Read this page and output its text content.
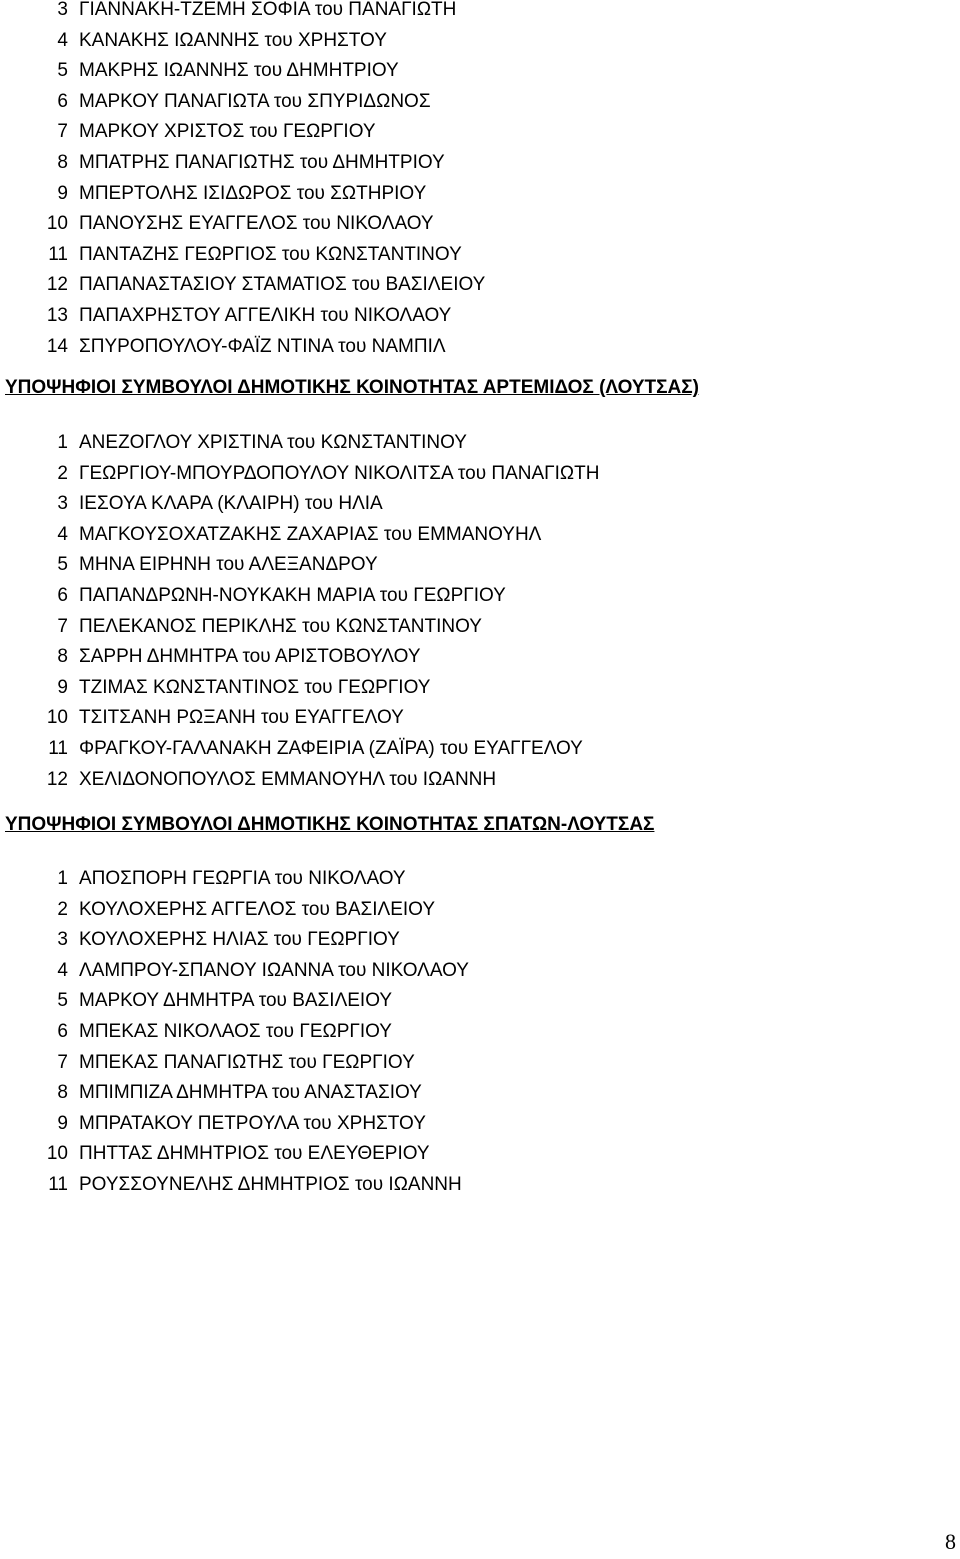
3 ΓΙΑΝΝΑΚΗ-ΤΖΕΜΗ ΣΟΦΙΑ του ΠΑΝΑΓΙΩΤΗ
4 ΚΑΝΑΚΗΣ ΙΩΑΝΝΗΣ του ΧΡΗΣΤΟΥ
5 ΜΑΚΡΗΣ ΙΩΑΝΝΗΣ του ΔΗΜΗΤΡΙΟΥ
6 ΜΑΡΚΟΥ ΠΑΝΑΓΙΩΤΑ του ΣΠΥΡΙΔΩΝΟΣ
7 ΜΑΡΚΟΥ ΧΡΙΣΤΟΣ του ΓΕΩΡΓΙΟΥ
8 ΜΠΑΤΡΗΣ ΠΑΝΑΓΙΩΤΗΣ του ΔΗΜΗΤΡΙΟΥ
9 ΜΠΕΡΤΟΛΗΣ ΙΣΙΔΩΡΟΣ του ΣΩΤΗΡΙΟΥ
10 ΠΑΝΟΥΣΗΣ ΕΥΑΓΓΕΛΟΣ του ΝΙΚΟΛΑΟΥ
11 ΠΑΝΤΑΖΗΣ ΓΕΩΡΓΙΟΣ του ΚΩΝΣΤΑΝΤΙΝΟΥ
12 ΠΑΠΑΝΑΣΤΑΣΙΟΥ ΣΤΑΜΑΤΙΟΣ του ΒΑΣΙΛΕΙΟΥ
13 ΠΑΠΑΧΡΗΣΤΟΥ ΑΓΓΕΛΙΚΗ του ΝΙΚΟΛΑΟΥ
14 ΣΠΥΡΟΠΟΥΛΟΥ-ΦΑΪΖ ΝΤΙΝΑ του ΝΑΜΠΙΛ
ΥΠΟΨΗΦΙΟΙ ΣΥΜΒΟΥΛΟΙ ΔΗΜΟΤΙΚΗΣ ΚΟΙΝΟΤΗΤΑΣ ΑΡΤΕΜΙΔΟΣ (ΛΟΥΤΣΑΣ)
1 ΑΝΕΖΟΓΛΟΥ ΧΡΙΣΤΙΝΑ του ΚΩΝΣΤΑΝΤΙΝΟΥ
2 ΓΕΩΡΓΙΟΥ-ΜΠΟΥΡΔΟΠΟΥΛΟΥ ΝΙΚΟΛΙΤΣΑ του ΠΑΝΑΓΙΩΤΗ
3 ΙΕΣΟΥΑ ΚΛΑΡΑ (ΚΛΑΙΡΗ) του ΗΛΙΑ
4 ΜΑΓΚΟΥΣΟΧΑΤΖΑΚΗΣ ΖΑΧΑΡΙΑΣ του ΕΜΜΑΝΟΥΗΛ
5 ΜΗΝΑ ΕΙΡΗΝΗ του ΑΛΕΞΑΝΔΡΟΥ
6 ΠΑΠΑΝΔΡΩΝΗ-ΝΟΥΚΑΚΗ ΜΑΡΙΑ του ΓΕΩΡΓΙΟΥ
7 ΠΕΛΕΚΑΝΟΣ ΠΕΡΙΚΛΗΣ του ΚΩΝΣΤΑΝΤΙΝΟΥ
8 ΣΑΡΡΗ ΔΗΜΗΤΡΑ του ΑΡΙΣΤΟΒΟΥΛΟΥ
9 ΤΖΙΜΑΣ ΚΩΝΣΤΑΝΤΙΝΟΣ του ΓΕΩΡΓΙΟΥ
10 ΤΣΙΤΣΑΝΗ ΡΩΞΑΝΗ του ΕΥΑΓΓΕΛΟΥ
11 ΦΡΑΓΚΟΥ-ΓΑΛΑΝΑΚΗ ΖΑΦΕΙΡΙΑ (ΖΑΪΡΑ) του ΕΥΑΓΓΕΛΟΥ
12 ΧΕΛΙΔΟΝΟΠΟΥΛΟΣ ΕΜΜΑΝΟΥΗΛ του ΙΩΑΝΝΗ
ΥΠΟΨΗΦΙΟΙ ΣΥΜΒΟΥΛΟΙ ΔΗΜΟΤΙΚΗΣ ΚΟΙΝΟΤΗΤΑΣ ΣΠΑΤΩΝ-ΛΟΥΤΣΑΣ
1 ΑΠΟΣΠΟΡΗ ΓΕΩΡΓΙΑ του ΝΙΚΟΛΑΟΥ
2 ΚΟΥΛΟΧΕΡΗΣ ΑΓΓΕΛΟΣ του ΒΑΣΙΛΕΙΟΥ
3 ΚΟΥΛΟΧΕΡΗΣ ΗΛΙΑΣ του ΓΕΩΡΓΙΟΥ
4 ΛΑΜΠΡΟΥ-ΣΠΑΝΟΥ ΙΩΑΝΝΑ του ΝΙΚΟΛΑΟΥ
5 ΜΑΡΚΟΥ ΔΗΜΗΤΡΑ του ΒΑΣΙΛΕΙΟΥ
6 ΜΠΕΚΑΣ ΝΙΚΟΛΑΟΣ του ΓΕΩΡΓΙΟΥ
7 ΜΠΕΚΑΣ ΠΑΝΑΓΙΩΤΗΣ του ΓΕΩΡΓΙΟΥ
8 ΜΠΙΜΠΙΖΑ ΔΗΜΗΤΡΑ του ΑΝΑΣΤΑΣΙΟΥ
9 ΜΠΡΑΤΑΚΟΥ ΠΕΤΡΟΥΛΑ του ΧΡΗΣΤΟΥ
10 ΠΗΤΤΑΣ ΔΗΜΗΤΡΙΟΣ του ΕΛΕΥΘΕΡΙΟΥ
11 ΡΟΥΣΣΟΥΝΕΛΗΣ ΔΗΜΗΤΡΙΟΣ του ΙΩΑΝΝΗ
8
